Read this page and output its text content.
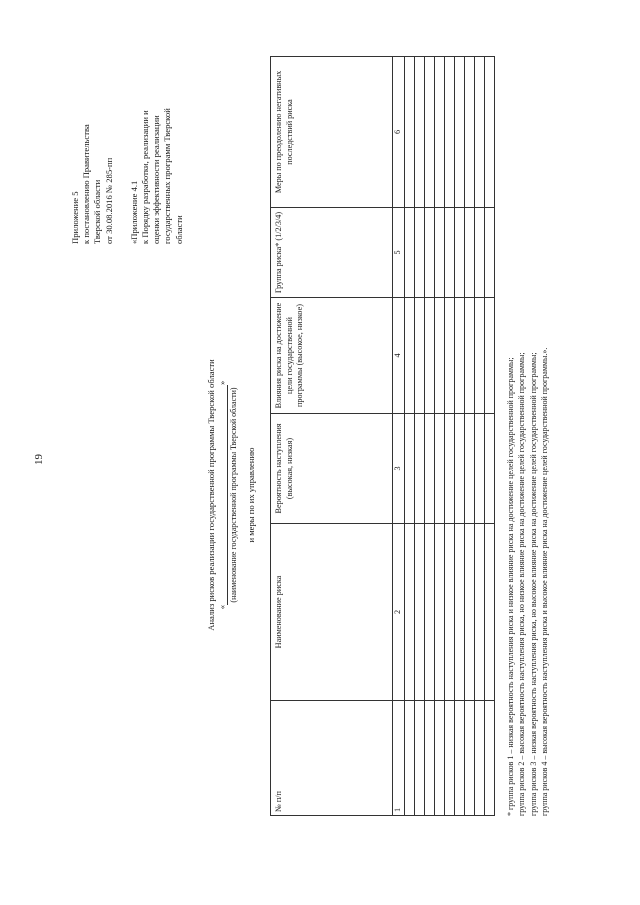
19
Приложение 5 к постановлению Правительства Тверской области от 30.08.2016 № 285-пп «Приложение 4.1 к Порядку разработки, реализации и оценки эффективности реализации государственных программ Тверской области
Анализ рисков реализации государственной программы Тверской области «»
(наименование государственной программы Тверской области) и меры по их управлению
№ п/п	Наименование риска	Вероятность наступления (высокая, низкая)	Влияния риска на достижение цели государственной программы (высокое, низкое)	Группа риска* (1/2/3/4)	Меры по преодолению негативных последствий риска
1	2	3	4	5	6

* группа рисков 1 – низкая вероятность наступления риска и низкое влияние риска на достижение целей государственной программы; группа рисков 2 – высокая вероятность наступления риска, но низкое влияние риска на достижение целей государственной программы; группа рисков 3 – низкая вероятность наступления риска, но высокое влияние риска на достижение целей государственной программы; группа рисков 4 – высокая вероятность наступления риска и высокое влияние риска на достижение целей государственной программы.».
